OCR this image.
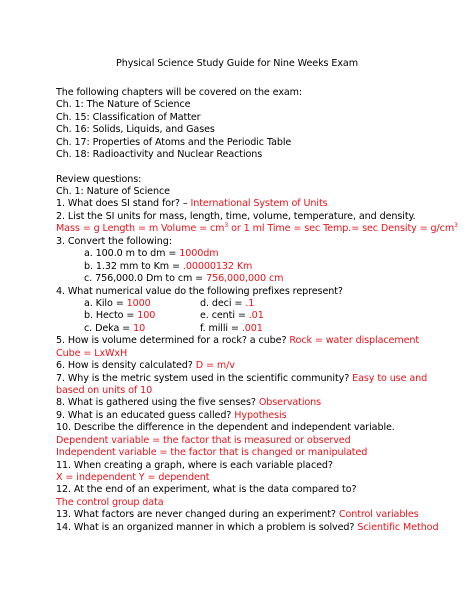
Physical Science Study Guide for Nine Weeks Exam
The following chapters will be covered on the exam:
Ch. 1: The Nature of Science
Ch. 15: Classification of Matter
Ch. 16: Solids, Liquids, and Gases
Ch. 17: Properties of Atoms and the Periodic Table
Ch. 18: Radioactivity and Nuclear Reactions
Review questions:
Ch. 1: Nature of Science
1. What does SI stand for? – International System of Units
2. List the SI units for mass, length, time, volume, temperature, and density.
Mass = g Length = m Volume = $cm^3$ or 1 ml Time = sec Temp.= sec Density = $g/cm^3$
3. Convert the following:
a. 100.0 m to dm = 1000dm
b. 1.32 mm to Km = .00000132 Km
c. 756,000.0 Dm to cm = 756,000,000 cm
4. What numerical value do the following prefixes represent?
a. Kilo = 1000	d. deci = .1
b. Hecto = 100	e. centi = .01
c. Deka = 10	f. milli = .001
5. How is volume determined for a rock? a cube? Rock = water displacement
Cube = LxWxH
6. How is density calculated? D = m/v
7. Why is the metric system used in the scientific community? Easy to use and
based on units of 10
8. What is gathered using the five senses? Observations
9. What is an educated guess called? Hypothesis
10. Describe the difference in the dependent and independent variable.
Dependent variable = the factor that is measured or observed
Independent variable = the factor that is changed or manipulated
11. When creating a graph, where is each variable placed?
X = independent Y = dependent
12. At the end of an experiment, what is the data compared to?
The control group data
13. What factors are never changed during an experiment? Control variables
14. What is an organized manner in which a problem is solved? Scientific Method
